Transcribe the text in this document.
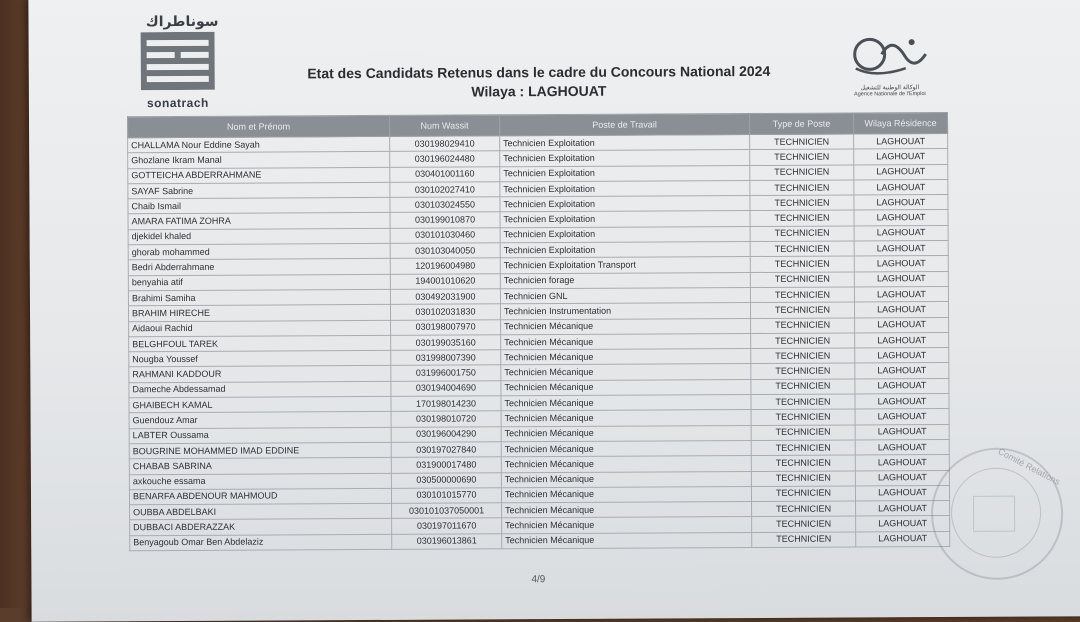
سوناطراك
sonatrach
Etat des Candidats Retenus dans le cadre du Concours National 2024
Wilaya : LAGHOUAT	الوكالة الوطنية للتشغيل
Agence Nationale de l'Emploi
Nom et Prénom	Num Wassit	Poste de Travail	Type de Poste	Wilaya Résidence
CHALLAMA Nour Eddine Sayah	030198029410	Technicien Exploitation	TECHNICIEN	LAGHOUAT
Ghozlane Ikram Manal	030196024480	Technicien Exploitation	TECHNICIEN	LAGHOUAT
GOTTEICHA ABDERRAHMANE	030401001160	Technicien Exploitation	TECHNICIEN	LAGHOUAT
SAYAF Sabrine	030102027410	Technicien Exploitation	TECHNICIEN	LAGHOUAT
Chaib Ismail	030103024550	Technicien Exploitation	TECHNICIEN	LAGHOUAT
AMARA FATIMA ZOHRA	030199010870	Technicien Exploitation	TECHNICIEN	LAGHOUAT
djekidel khaled	030101030460	Technicien Exploitation	TECHNICIEN	LAGHOUAT
ghorab mohammed	030103040050	Technicien Exploitation	TECHNICIEN	LAGHOUAT
Bedri Abderrahmane	120196004980	Technicien Exploitation Transport	TECHNICIEN	LAGHOUAT
benyahia atif	194001010620	Technicien forage	TECHNICIEN	LAGHOUAT
Brahimi Samiha	030492031900	Technicien GNL	TECHNICIEN	LAGHOUAT
BRAHIM HIRECHE	030102031830	Technicien Instrumentation	TECHNICIEN	LAGHOUAT
Aidaoui Rachid	030198007970	Technicien Mécanique	TECHNICIEN	LAGHOUAT
BELGHFOUL TAREK	030199035160	Technicien Mécanique	TECHNICIEN	LAGHOUAT
Nougba Youssef	031998007390	Technicien Mécanique	TECHNICIEN	LAGHOUAT
RAHMANI KADDOUR	031996001750	Technicien Mécanique	TECHNICIEN	LAGHOUAT
Dameche Abdessamad	030194004690	Technicien Mécanique	TECHNICIEN	LAGHOUAT
GHAIBECH KAMAL	170198014230	Technicien Mécanique	TECHNICIEN	LAGHOUAT
Guendouz Amar	030198010720	Technicien Mécanique	TECHNICIEN	LAGHOUAT
LABTER Oussama	030196004290	Technicien Mécanique	TECHNICIEN	LAGHOUAT
BOUGRINE MOHAMMED IMAD EDDINE	030197027840	Technicien Mécanique	TECHNICIEN	LAGHOUAT
CHABAB SABRINA	031900017480	Technicien Mécanique	TECHNICIEN	LAGHOUAT
axkouche essama	030500000690	Technicien Mécanique	TECHNICIEN	LAGHOUAT
BENARFA ABDENOUR MAHMOUD	030101015770	Technicien Mécanique	TECHNICIEN	LAGHOUAT
OUBBA ABDELBAKI	030101037050001	Technicien Mécanique	TECHNICIEN	LAGHOUAT
DUBBACI ABDERAZZAK	030197011670	Technicien Mécanique	TECHNICIEN	LAGHOUAT
Benyagoub Omar Ben Abdelaziz	030196013861	Technicien Mécanique	TECHNICIEN	LAGHOUAT
4/9
Comité Relations
